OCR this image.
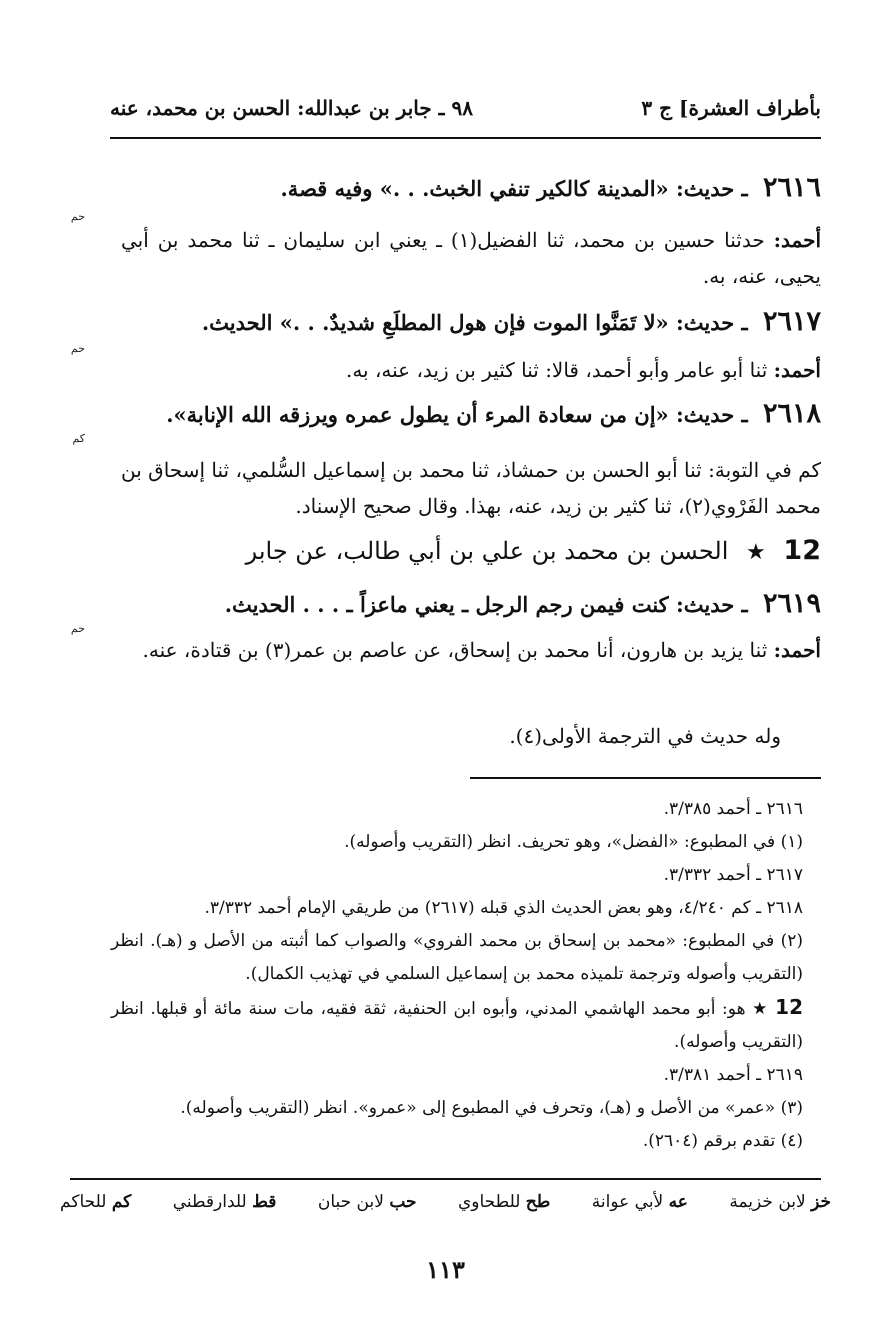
بأطراف العشرة] ج ٣
٩٨ ـ جابر بن عبدالله: الحسن بن محمد، عنه
٢٦١٦ ـ حديث: «المدينة كالكير تنفي الخبث. . .» وفيه قصة.
حم
أحمد: حدثنا حسين بن محمد، ثنا الفضيل(١) ـ يعني ابن سليمان ـ ثنا محمد بن أبي يحيى، عنه، به.
٢٦١٧ ـ حديث: «لا تَمَنَّوا الموت فإن هول المطلَعِ شديدٌ. . .» الحديث.
حم
أحمد: ثنا أبو عامر وأبو أحمد، قالا: ثنا كثير بن زيد، عنه، به.
٢٦١٨ ـ حديث: «إن من سعادة المرء أن يطول عمره ويرزقه الله الإنابة».
كم
كم في التوبة: ثنا أبو الحسن بن حمشاذ، ثنا محمد بن إسماعيل السُّلمي، ثنا إسحاق بن محمد الفَرْوي(٢)، ثنا كثير بن زيد، عنه، بهذا. وقال صحيح الإسناد.
12 ★ الحسن بن محمد بن علي بن أبي طالب، عن جابر
٢٦١٩ ـ حديث: كنت فيمن رجم الرجل ـ يعني ماعزاً ـ . . . الحديث.
حم
أحمد: ثنا يزيد بن هارون، أنا محمد بن إسحاق، عن عاصم بن عمر(٣) بن قتادة، عنه.
وله حديث في الترجمة الأولى(٤).

٢٦١٦ ـ أحمد ٣/٣٨٥.

(١) في المطبوع: «الفضل»، وهو تحريف. انظر (التقريب وأصوله).

٢٦١٧ ـ أحمد ٣/٣٣٢.

٢٦١٨ ـ كم ٤/٢٤٠، وهو بعض الحديث الذي قبله (٢٦١٧) من طريقي الإمام أحمد ٣/٣٣٢.

(٢) في المطبوع: «محمد بن إسحاق بن محمد الفروي» والصواب كما أثبته من الأصل و (هـ). انظر (التقريب وأصوله وترجمة تلميذه محمد بن إسماعيل السلمي في تهذيب الكمال).

12 ★ هو: أبو محمد الهاشمي المدني، وأبوه ابن الحنفية، ثقة فقيه، مات سنة مائة أو قبلها. انظر (التقريب وأصوله).

٢٦١٩ ـ أحمد ٣/٣٨١.

(٣) «عمر» من الأصل و (هـ)، وتحرف في المطبوع إلى «عمرو». انظر (التقريب وأصوله).

(٤) تقدم برقم (٢٦٠٤).

خز لابن خزيمة
عه لأبي عوانة
طح للطحاوي
حب لابن حبان
قط للدارقطني
كم للحاكم
١١٣
